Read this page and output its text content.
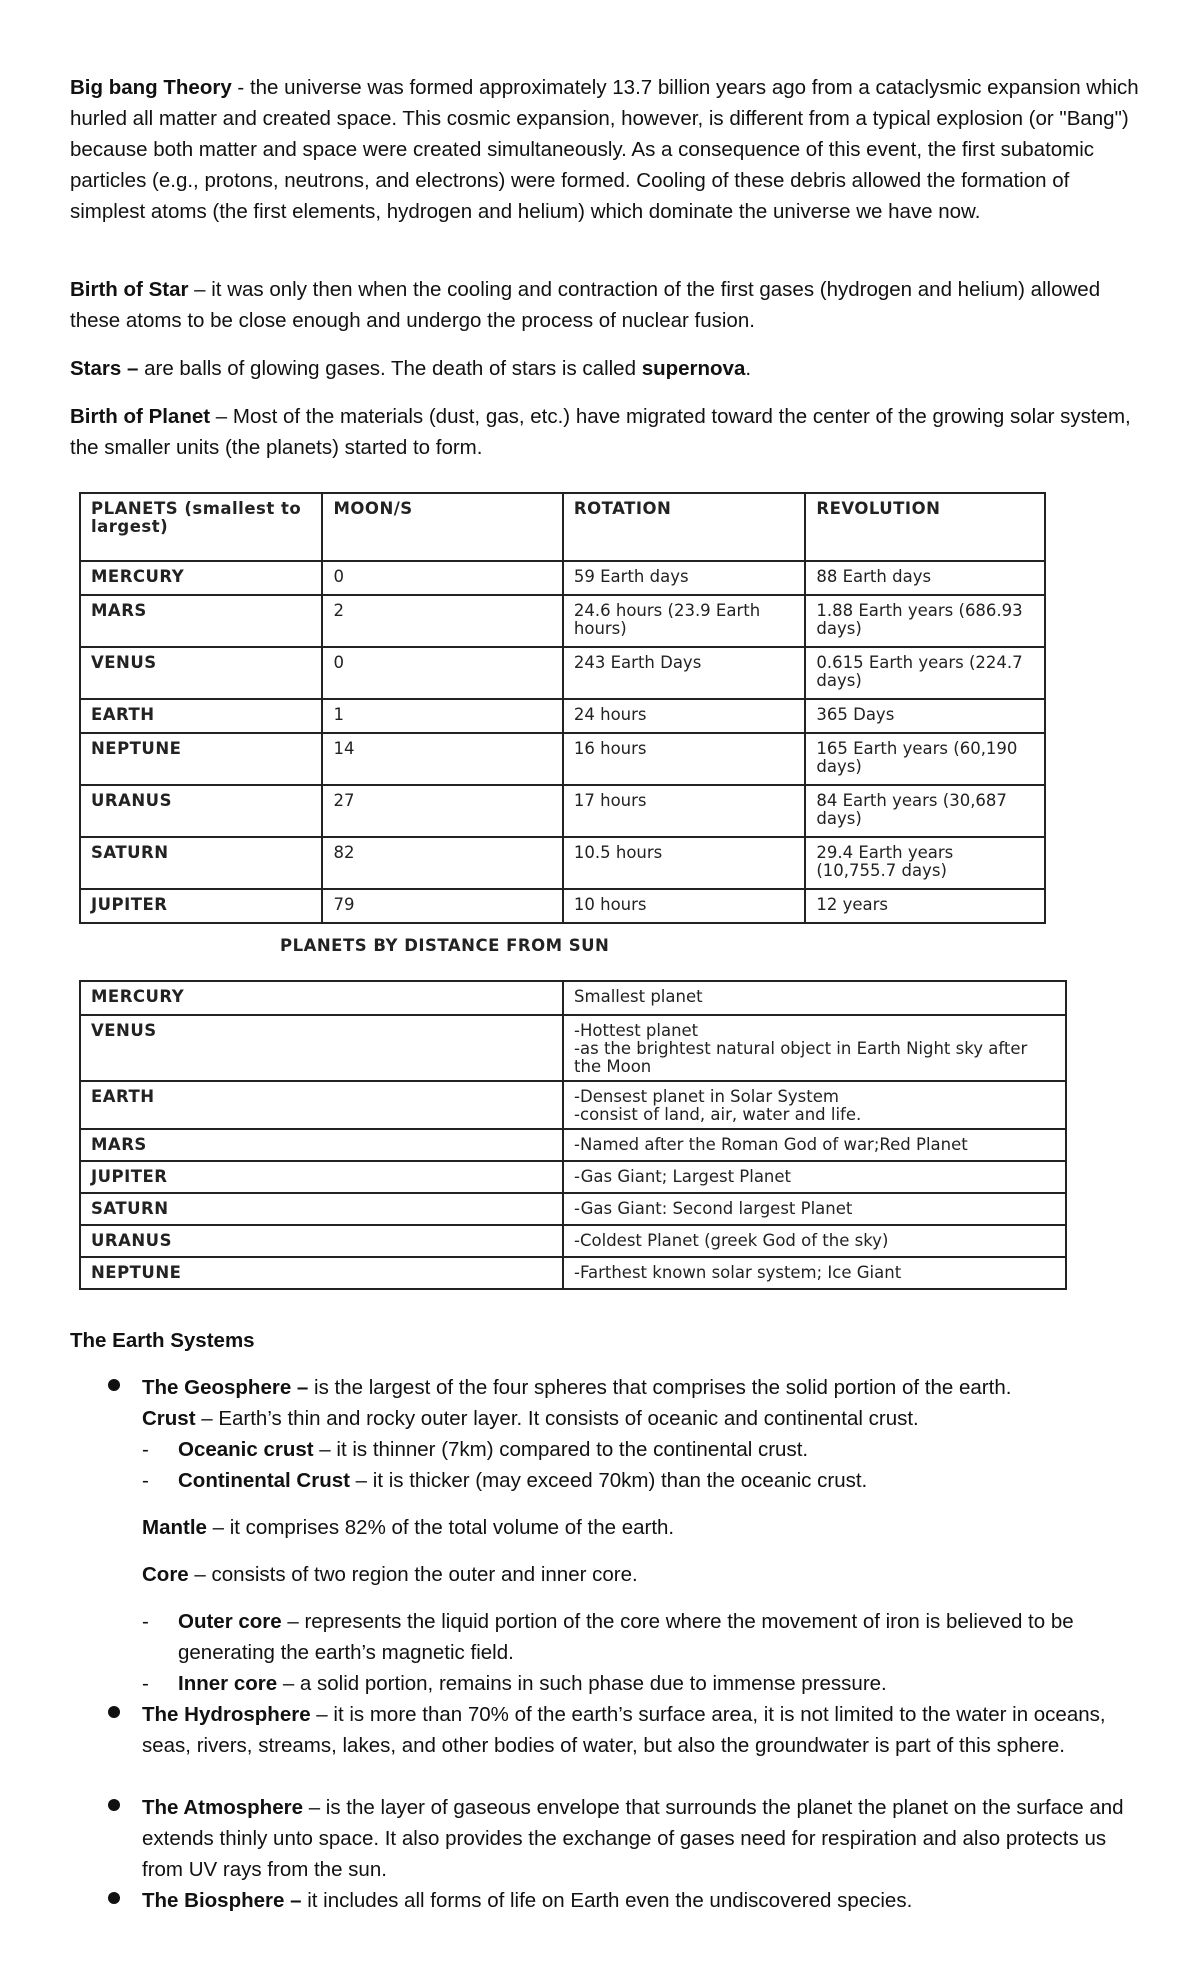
Big bang Theory - the universe was formed approximately 13.7 billion years ago from a cataclysmic expansion which hurled all matter and created space. This cosmic expansion, however, is different from a typical explosion (or "Bang") because both matter and space were created simultaneously. As a consequence of this event, the first subatomic particles (e.g., protons, neutrons, and electrons) were formed. Cooling of these debris allowed the formation of simplest atoms (the first elements, hydrogen and helium) which dominate the universe we have now.

Birth of Star – it was only then when the cooling and contraction of the first gases (hydrogen and helium) allowed these atoms to be close enough and undergo the process of nuclear fusion.

Stars – are balls of glowing gases. The death of stars is called supernova.

Birth of Planet – Most of the materials (dust, gas, etc.) have migrated toward the center of the growing solar system, the smaller units (the planets) started to form.

PLANETS (smallest to largest)	MOON/S	ROTATION	REVOLUTION
MERCURY	0	59 Earth days	88 Earth days
MARS	2	24.6 hours (23.9 Earth hours)	1.88 Earth years (686.93 days)
VENUS	0	243 Earth Days	0.615 Earth years (224.7 days)
EARTH	1	24 hours	365 Days
NEPTUNE	14	16 hours	165 Earth years (60,190 days)
URANUS	27	17 hours	84 Earth years (30,687 days)
SATURN	82	10.5 hours	29.4 Earth years (10,755.7 days)
JUPITER	79	10 hours	12 years
PLANETS BY DISTANCE FROM SUN
MERCURY	Smallest planet
VENUS	-Hottest planet
-as the brightest natural object in Earth Night sky after the Moon
EARTH	-Densest planet in Solar System
-consist of land, air, water and life.
MARS	-Named after the Roman God of war;Red Planet
JUPITER	-Gas Giant; Largest Planet
SATURN	-Gas Giant: Second largest Planet
URANUS	-Coldest Planet (greek God of the sky)
NEPTUNE	-Farthest known solar system; Ice Giant

The Earth Systems

The Geosphere – is the largest of the four spheres that comprises the solid portion of the earth.
Crust – Earth’s thin and rocky outer layer. It consists of oceanic and continental crust.

- Oceanic crust – it is thinner (7km) compared to the continental crust.

- Continental Crust – it is thicker (may exceed 70km) than the oceanic crust.

Mantle – it comprises 82% of the total volume of the earth.

Core – consists of two region the outer and inner core.

- Outer core – represents the liquid portion of the core where the movement of iron is believed to be generating the earth’s magnetic field.

- Inner core – a solid portion, remains in such phase due to immense pressure.

The Hydrosphere – it is more than 70% of the earth’s surface area, it is not limited to the water in oceans, seas, rivers, streams, lakes, and other bodies of water, but also the groundwater is part of this sphere.

The Atmosphere – is the layer of gaseous envelope that surrounds the planet the planet on the surface and extends thinly unto space. It also provides the exchange of gases need for respiration and also protects us from UV rays from the sun.

The Biosphere – it includes all forms of life on Earth even the undiscovered species.
